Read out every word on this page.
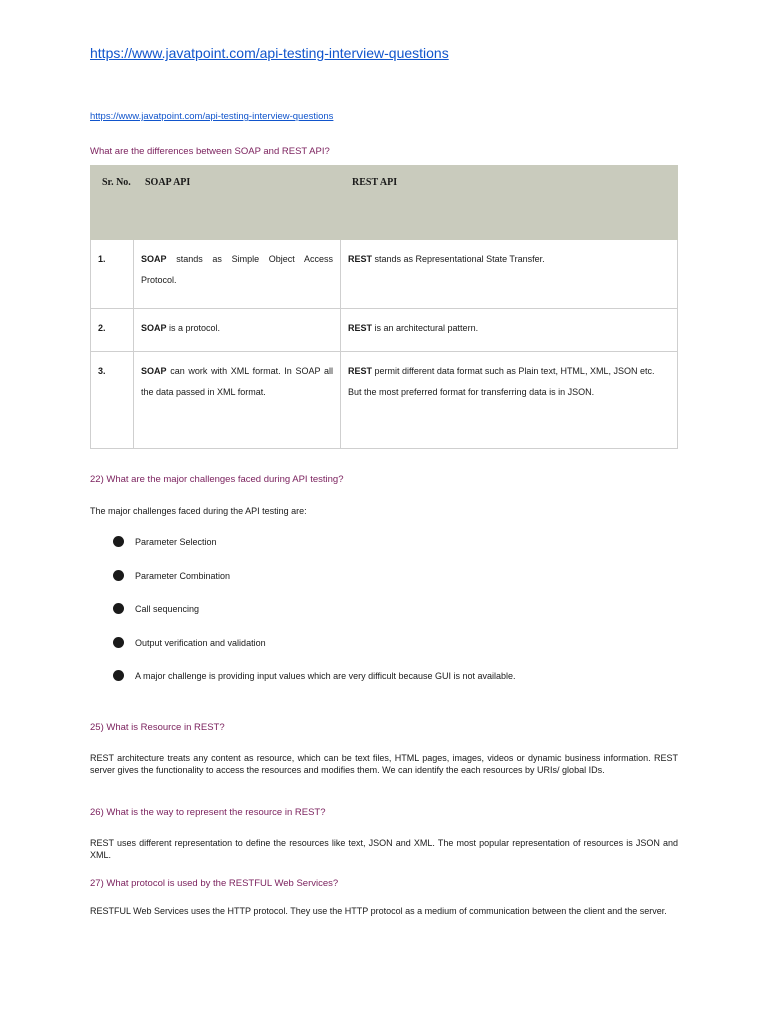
https://www.javatpoint.com/api-testing-interview-questions
https://www.javatpoint.com/api-testing-interview-questions
What are the differences between SOAP and REST API?
Sr. No.	SOAP API	REST API
1.	SOAP stands as Simple Object Access Protocol.	REST stands as Representational State Transfer.
2.	SOAP is a protocol.	REST is an architectural pattern.
3.	SOAP can work with XML format. In SOAP all the data passed in XML format.	REST permit different data format such as Plain text, HTML, XML, JSON etc. But the most preferred format for transferring data is in JSON.
22) What are the major challenges faced during API testing?
The major challenges faced during the API testing are:
Parameter Selection
Parameter Combination
Call sequencing
Output verification and validation
A major challenge is providing input values which are very difficult because GUI is not available.
25) What is Resource in REST?
REST architecture treats any content as resource, which can be text files, HTML pages, images, videos or dynamic business information. REST server gives the functionality to access the resources and modifies them. We can identify the each resources by URIs/ global IDs.
26) What is the way to represent the resource in REST?
REST uses different representation to define the resources like text, JSON and XML. The most popular representation of resources is JSON and XML.
27) What protocol is used by the RESTFUL Web Services?
RESTFUL Web Services uses the HTTP protocol. They use the HTTP protocol as a medium of communication between the client and the server.
